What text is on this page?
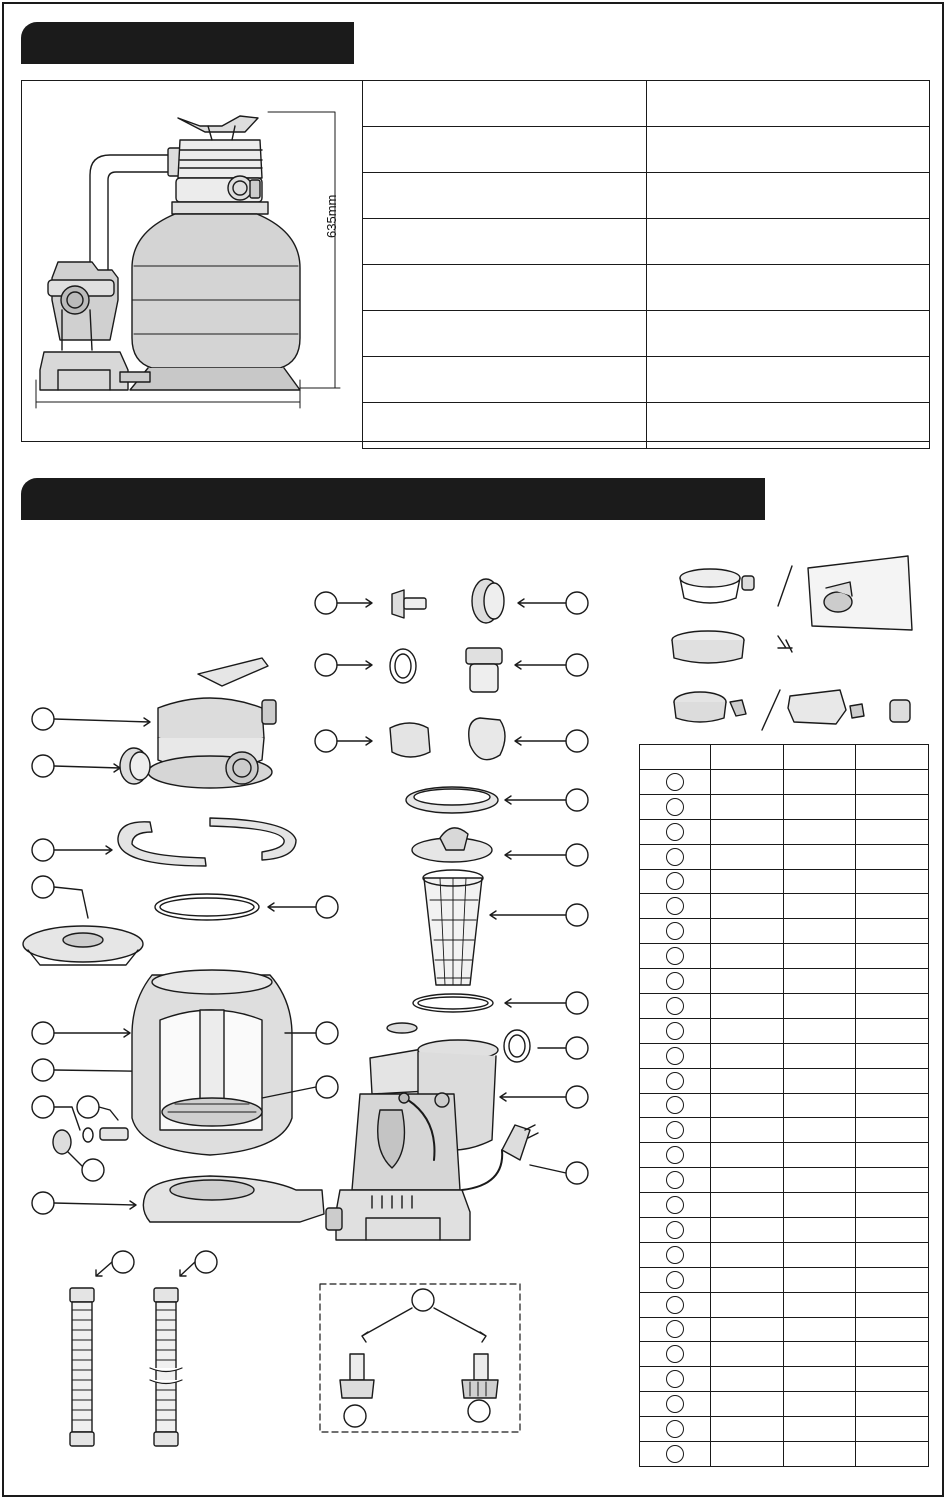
635mm
